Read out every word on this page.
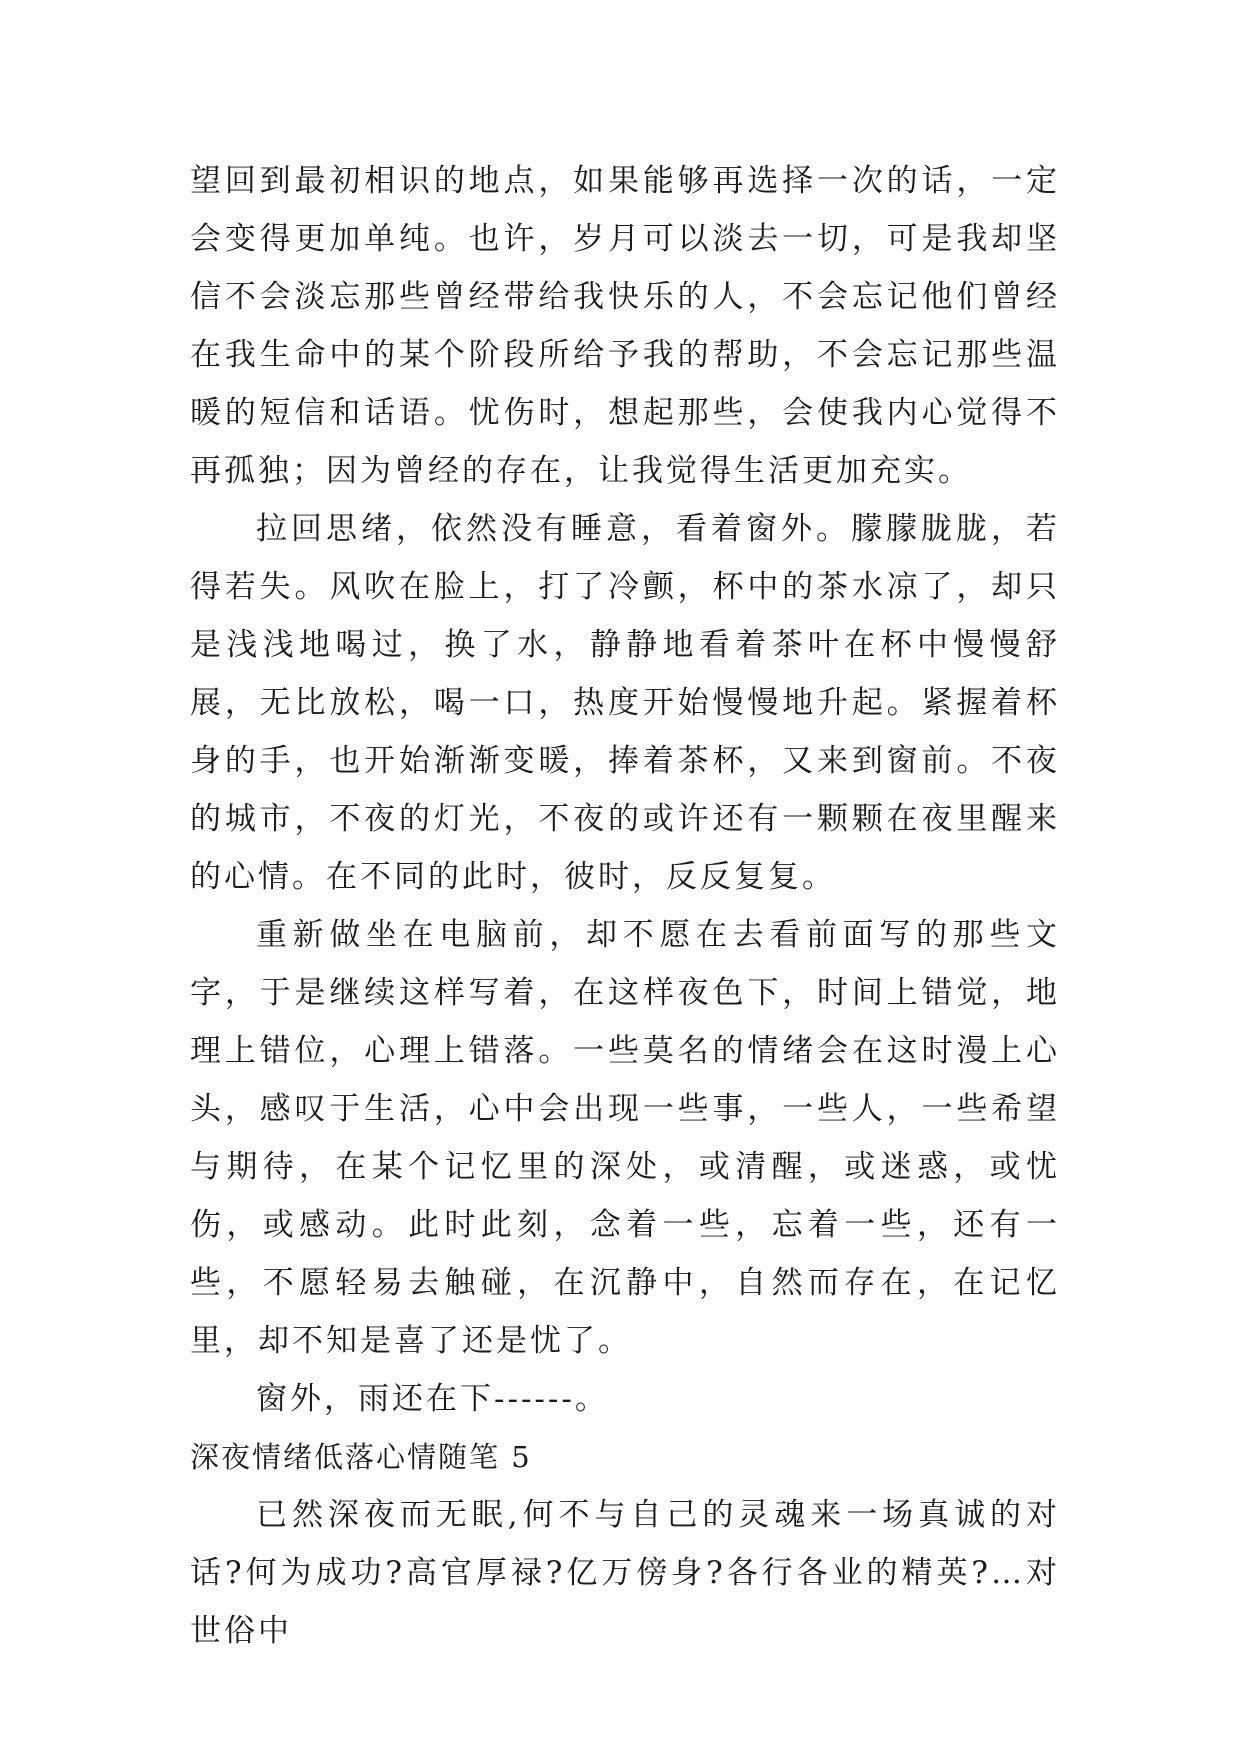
望回到最初相识的地点，如果能够再选择一次的话，一定会变得更加单纯。也许，岁月可以淡去一切，可是我却坚信不会淡忘那些曾经带给我快乐的人，不会忘记他们曾经在我生命中的某个阶段所给予我的帮助，不会忘记那些温暖的短信和话语。忧伤时，想起那些，会使我内心觉得不再孤独；因为曾经的存在，让我觉得生活更加充实。

拉回思绪，依然没有睡意，看着窗外。朦朦胧胧，若得若失。风吹在脸上，打了冷颤，杯中的茶水凉了，却只是浅浅地喝过，换了水，静静地看着茶叶在杯中慢慢舒展，无比放松，喝一口，热度开始慢慢地升起。紧握着杯身的手，也开始渐渐变暖，捧着茶杯，又来到窗前。不夜的城市，不夜的灯光，不夜的或许还有一颗颗在夜里醒来的心情。在不同的此时，彼时，反反复复。

重新做坐在电脑前，却不愿在去看前面写的那些文字，于是继续这样写着，在这样夜色下，时间上错觉，地理上错位，心理上错落。一些莫名的情绪会在这时漫上心头，感叹于生活，心中会出现一些事，一些人，一些希望与期待，在某个记忆里的深处，或清醒，或迷惑，或忧伤，或感动。此时此刻，念着一些，忘着一些，还有一些，不愿轻易去触碰，在沉静中，自然而存在，在记忆里，却不知是喜了还是忧了。

窗外，雨还在下------。

深夜情绪低落心情随笔 5

已然深夜而无眠,何不与自己的灵魂来一场真诚的对话?何为成功?高官厚禄?亿万傍身?各行各业的精英?…对世俗中
